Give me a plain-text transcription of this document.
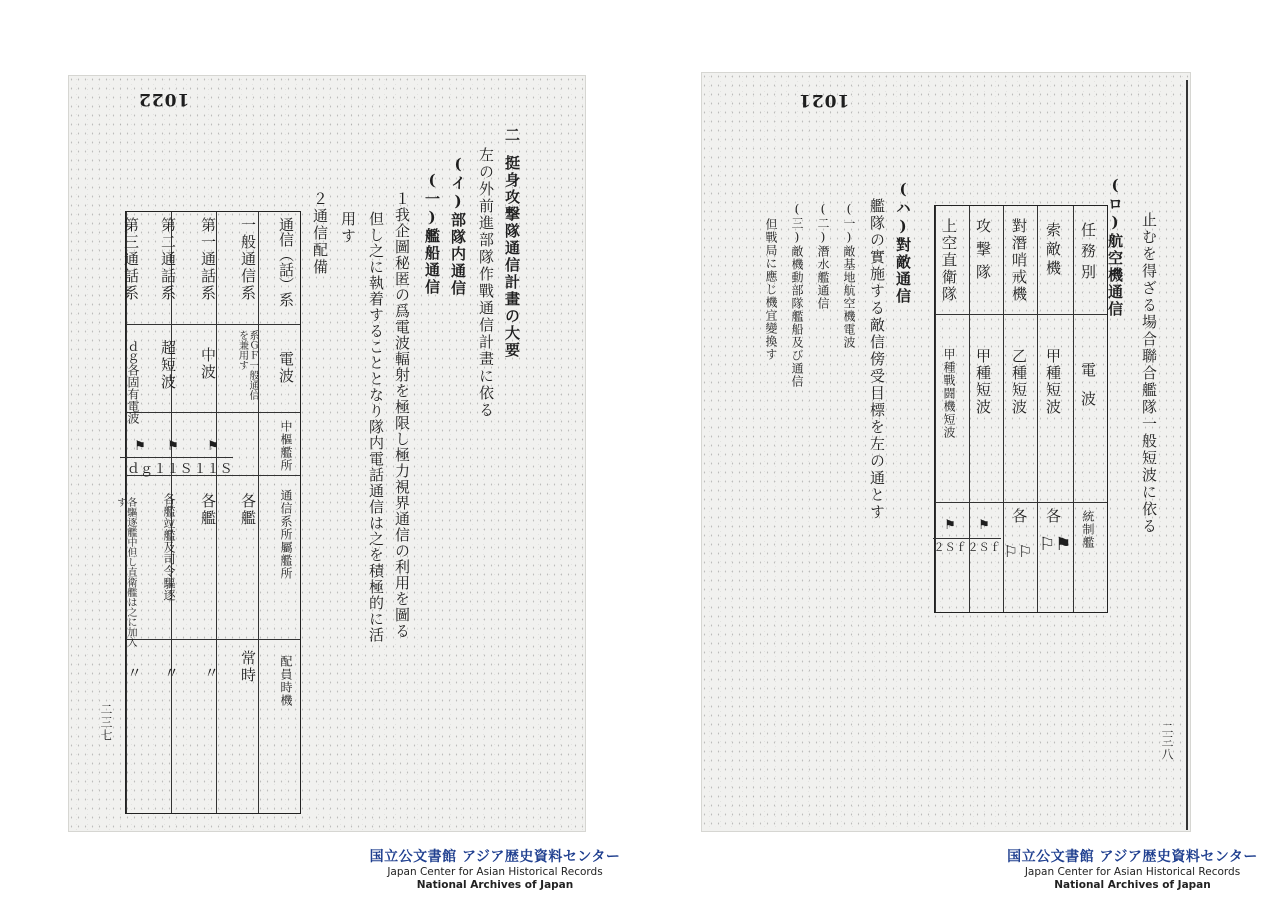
1022
二
挺身攻撃隊通信計畫の大要
左の外前進部隊作戰通信計畫に依る
(イ)部隊内通信
(一)艦船通信
１我企圖秘匿の爲電波輻射を極限し極力視界通信の利用を圖る
但し之に執着することとなり隊内電話通信は之を積極的に活
用す
２通信配備
通信（話）系
電波
中樞艦所
通信系所屬艦所
配員時機
一般通信系
系ＧＦ一般通信を兼用す
各艦
常時
第一通話系
中波
⚑
１１Ｓ
各艦
〃
第二通話系
超短波
⚑
１１Ｓ
各艦竝艦及司令驅逐
〃
第三通話系
ｄｇ各固有電波
⚑
ｄｇ
各驅逐艦中但し直衛艦は之に加入す
〃
二三七
1021
(ロ)航空機通信 止むを得ざる場合聯合艦隊一般短波に依る
任務別
電波
統制艦
索敵機
甲種短波
各
⚐⚑
對潛哨戒機
乙種短波
各
⚐⚐
攻撃隊
甲種短波
⚑
２Ｓｆ
上空直衛隊
甲種戰闘機短波
⚑
２Ｓｆ
(ハ)對敵通信
艦隊の實施する敵信傍受目標を左の通とす
(一)敵基地航空機電波
(二)潛水艦通信
(三)敵機動部隊艦船及び通信
但戰局に應じ機宜變換す
二三八
国立公文書館 アジア歴史資料センター
Japan Center for Asian Historical Records
National Archives of Japan
国立公文書館 アジア歴史資料センター
Japan Center for Asian Historical Records
National Archives of Japan
